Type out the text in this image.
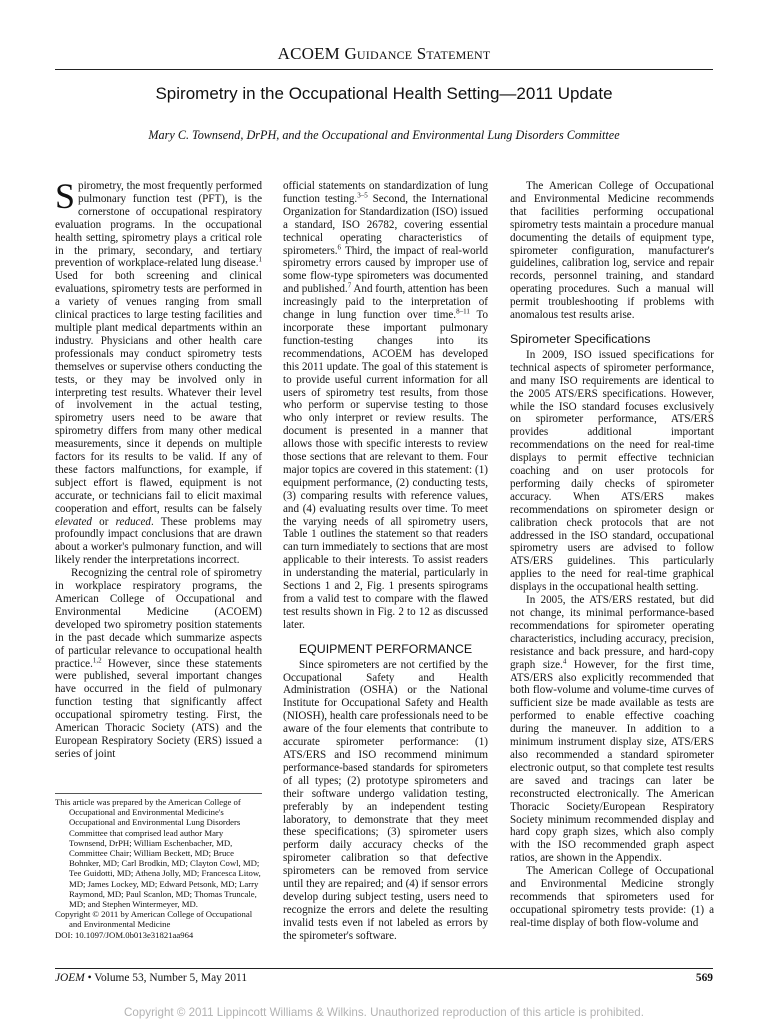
ACOEM Guidance Statement
Spirometry in the Occupational Health Setting—2011 Update
Mary C. Townsend, DrPH, and the Occupational and Environmental Lung Disorders Committee

Spirometry, the most frequently performed pulmonary function test (PFT), is the cornerstone of occupational respiratory evaluation programs. In the occupational health setting, spirometry plays a critical role in the primary, secondary, and tertiary prevention of workplace-related lung disease.$^1$ Used for both screening and clinical evaluations, spirometry tests are performed in a variety of venues ranging from small clinical practices to large testing facilities and multiple plant medical departments within an industry. Physicians and other health care professionals may conduct spirometry tests themselves or supervise others conducting the tests, or they may be involved only in interpreting test results. Whatever their level of involvement in the actual testing, spirometry users need to be aware that spirometry differs from many other medical measurements, since it depends on multiple factors for its results to be valid. If any of these factors malfunctions, for example, if subject effort is flawed, equipment is not accurate, or technicians fail to elicit maximal cooperation and effort, results can be falsely elevated or reduced. These problems may profoundly impact conclusions that are drawn about a worker's pulmonary function, and will likely render the interpretations incorrect.

Recognizing the central role of spirometry in workplace respiratory programs, the American College of Occupational and Environmental Medicine (ACOEM) developed two spirometry position statements in the past decade which summarize aspects of particular relevance to occupational health practice.$^{1,2}$ However, since these statements were published, several important changes have occurred in the field of pulmonary function testing that significantly affect occupational spirometry testing. First, the American Thoracic Society (ATS) and the European Respiratory Society (ERS) issued a series of joint

This article was prepared by the American College of Occupational and Environmental Medicine's Occupational and Environmental Lung Disorders Committee that comprised lead author Mary Townsend, DrPH; William Eschenbacher, MD, Committee Chair; William Beckett, MD; Bruce Bohnker, MD; Carl Brodkin, MD; Clayton Cowl, MD; Tee Guidotti, MD; Athena Jolly, MD; Francesca Litow, MD; James Lockey, MD; Edward Petsonk, MD; Larry Raymond, MD; Paul Scanlon, MD; Thomas Truncale, MD; and Stephen Wintermeyer, MD.

Copyright © 2011 by American College of Occupational and Environmental Medicine

DOI: 10.1097/JOM.0b013e31821aa964

official statements on standardization of lung function testing.$^{3-5}$ Second, the International Organization for Standardization (ISO) issued a standard, ISO 26782, covering essential technical operating characteristics of spirometers.$^6$ Third, the impact of real-world spirometry errors caused by improper use of some flow-type spirometers was documented and published.$^7$ And fourth, attention has been increasingly paid to the interpretation of change in lung function over time.$^{8-11}$ To incorporate these important pulmonary function-testing changes into its recommendations, ACOEM has developed this 2011 update. The goal of this statement is to provide useful current information for all users of spirometry test results, from those who perform or supervise testing to those who only interpret or review results. The document is presented in a manner that allows those with specific interests to review those sections that are relevant to them. Four major topics are covered in this statement: (1) equipment performance, (2) conducting tests, (3) comparing results with reference values, and (4) evaluating results over time. To meet the varying needs of all spirometry users, Table 1 outlines the statement so that readers can turn immediately to sections that are most applicable to their interests. To assist readers in understanding the material, particularly in Sections 1 and 2, Fig. 1 presents spirograms from a valid test to compare with the flawed test results shown in Fig. 2 to 12 as discussed later.

EQUIPMENT PERFORMANCE

Since spirometers are not certified by the Occupational Safety and Health Administration (OSHA) or the National Institute for Occupational Safety and Health (NIOSH), health care professionals need to be aware of the four elements that contribute to accurate spirometer performance: (1) ATS/ERS and ISO recommend minimum performance-based standards for spirometers of all types; (2) prototype spirometers and their software undergo validation testing, preferably by an independent testing laboratory, to demonstrate that they meet these specifications; (3) spirometer users perform daily accuracy checks of the spirometer calibration so that defective spirometers can be removed from service until they are repaired; and (4) if sensor errors develop during subject testing, users need to recognize the errors and delete the resulting invalid tests even if not labeled as errors by the spirometer's software.

The American College of Occupational and Environmental Medicine recommends that facilities performing occupational spirometry tests maintain a procedure manual documenting the details of equipment type, spirometer configuration, manufacturer's guidelines, calibration log, service and repair records, personnel training, and standard operating procedures. Such a manual will permit troubleshooting if problems with anomalous test results arise.

Spirometer Specifications

In 2009, ISO issued specifications for technical aspects of spirometer performance, and many ISO requirements are identical to the 2005 ATS/ERS specifications. However, while the ISO standard focuses exclusively on spirometer performance, ATS/ERS provides additional important recommendations on the need for real-time displays to permit effective technician coaching and on user protocols for performing daily checks of spirometer accuracy. When ATS/ERS makes recommendations on spirometer design or calibration check protocols that are not addressed in the ISO standard, occupational spirometry users are advised to follow ATS/ERS guidelines. This particularly applies to the need for real-time graphical displays in the occupational health setting.

In 2005, the ATS/ERS restated, but did not change, its minimal performance-based recommendations for spirometer operating characteristics, including accuracy, precision, resistance and back pressure, and hard-copy graph size.$^4$ However, for the first time, ATS/ERS also explicitly recommended that both flow-volume and volume-time curves of sufficient size be made available as tests are performed to enable effective coaching during the maneuver. In addition to a minimum instrument display size, ATS/ERS also recommended a standard spirometer electronic output, so that complete test results are saved and tracings can later be reconstructed electronically. The American Thoracic Society/European Respiratory Society minimum recommended display and hard copy graph sizes, which also comply with the ISO recommended graph aspect ratios, are shown in the Appendix.

The American College of Occupational and Environmental Medicine strongly recommends that spirometers used for occupational spirometry tests provide: (1) a real-time display of both flow-volume and

JOEM • Volume 53, Number 5, May 2011	569
Copyright © 2011 Lippincott Williams & Wilkins. Unauthorized reproduction of this article is prohibited.
